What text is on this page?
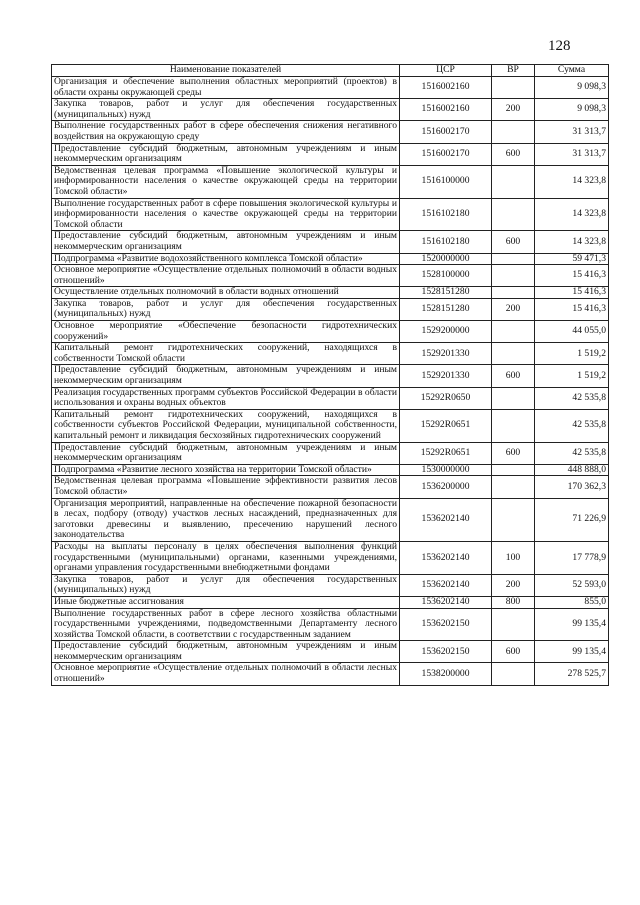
128
Наименование показателей	ЦСР	ВР	Сумма
Организация и обеспечение выполнения областных мероприятий (проектов) в области охраны окружающей среды	1516002160		9 098,3
Закупка товаров, работ и услуг для обеспечения государственных (муниципальных) нужд	1516002160	200	9 098,3
Выполнение государственных работ в сфере обеспечения снижения негативного воздействия на окружающую среду	1516002170		31 313,7
Предоставление субсидий бюджетным, автономным учреждениям и иным некоммерческим организациям	1516002170	600	31 313,7
Ведомственная целевая программа «Повышение экологической культуры и информированности населения о качестве окружающей среды на территории Томской области»	1516100000		14 323,8
Выполнение государственных работ в сфере повышения экологической культуры и информированности населения о качестве окружающей среды на территории Томской области	1516102180		14 323,8
Предоставление субсидий бюджетным, автономным учреждениям и иным некоммерческим организациям	1516102180	600	14 323,8
Подпрограмма «Развитие водохозяйственного комплекса Томской области»	1520000000		59 471,3
Основное мероприятие «Осуществление отдельных полномочий в области водных отношений»	1528100000		15 416,3
Осуществление отдельных полномочий в области водных отношений	1528151280		15 416,3
Закупка товаров, работ и услуг для обеспечения государственных (муниципальных) нужд	1528151280	200	15 416,3
Основное мероприятие «Обеспечение безопасности гидротехнических сооружений»	1529200000		44 055,0
Капитальный ремонт гидротехнических сооружений, находящихся в собственности Томской области	1529201330		1 519,2
Предоставление субсидий бюджетным, автономным учреждениям и иным некоммерческим организациям	1529201330	600	1 519,2
Реализация государственных программ субъектов Российской Федерации в области использования и охраны водных объектов	15292R0650		42 535,8
Капитальный ремонт гидротехнических сооружений, находящихся в собственности субъектов Российской Федерации, муниципальной собственности, капитальный ремонт и ликвидация бесхозяйных гидротехнических сооружений	15292R0651		42 535,8
Предоставление субсидий бюджетным, автономным учреждениям и иным некоммерческим организациям	15292R0651	600	42 535,8
Подпрограмма «Развитие лесного хозяйства на территории Томской области»	1530000000		448 888,0
Ведомственная целевая программа «Повышение эффективности развития лесов Томской области»	1536200000		170 362,3
Организация мероприятий, направленные на обеспечение пожарной безопасности в лесах, подбору (отводу) участков лесных насаждений, предназначенных для заготовки древесины и выявлению, пресечению нарушений лесного законодательства	1536202140		71 226,9
Расходы на выплаты персоналу в целях обеспечения выполнения функций государственными (муниципальными) органами, казенными учреждениями, органами управления государственными внебюджетными фондами	1536202140	100	17 778,9
Закупка товаров, работ и услуг для обеспечения государственных (муниципальных) нужд	1536202140	200	52 593,0
Иные бюджетные ассигнования	1536202140	800	855,0
Выполнение государственных работ в сфере лесного хозяйства областными государственными учреждениями, подведомственными Департаменту лесного хозяйства Томской области, в соответствии с государственным заданием	1536202150		99 135,4
Предоставление субсидий бюджетным, автономным учреждениям и иным некоммерческим организациям	1536202150	600	99 135,4
Основное мероприятие «Осуществление отдельных полномочий в области лесных отношений»	1538200000		278 525,7
